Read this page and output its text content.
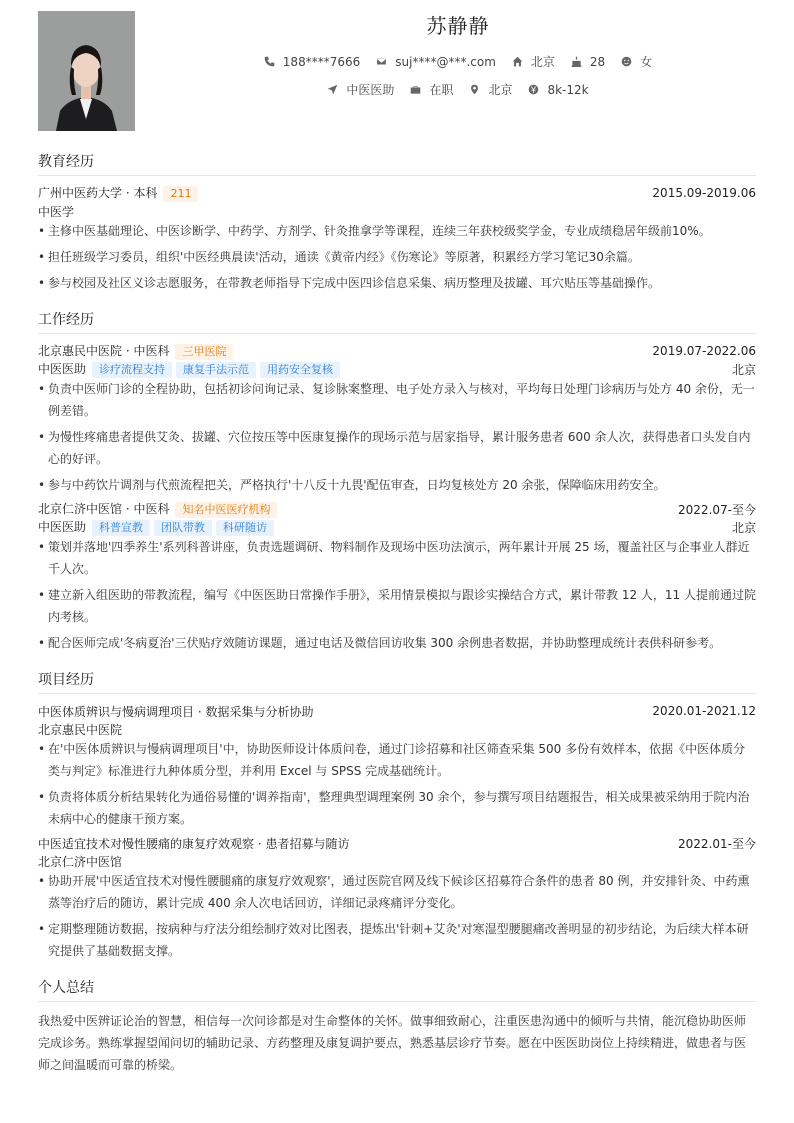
苏静静
188****7666	suj****@***.com	北京	28	女
中医医助	在职	北京	8k-12k
教育经历
广州中医药大学 · 本科 211	2015.09-2019.06
中医学
• 主修中医基础理论、中医诊断学、中药学、方剂学、针灸推拿学等课程，连续三年获校级奖学金，专业成绩稳居年级前10%。
• 担任班级学习委员，组织'中医经典晨读'活动，通读《黄帝内经》《伤寒论》等原著，积累经方学习笔记30余篇。
• 参与校园及社区义诊志愿服务，在带教老师指导下完成中医四诊信息采集、病历整理及拔罐、耳穴贴压等基础操作。
工作经历
北京惠民中医院 · 中医科 三甲医院	2019.07-2022.06
中医医助 诊疗流程支持 康复手法示范 用药安全复核	北京
• 负责中医师门诊的全程协助，包括初诊问询记录、复诊脉案整理、电子处方录入与核对，平均每日处理门诊病历与处方 40 余份，无一例差错。
• 为慢性疼痛患者提供艾灸、拔罐、穴位按压等中医康复操作的现场示范与居家指导，累计服务患者 600 余人次，获得患者口头发自内心的好评。
• 参与中药饮片调剂与代煎流程把关，严格执行'十八反十九畏'配伍审查，日均复核处方 20 余张，保障临床用药安全。
北京仁济中医馆 · 中医科 知名中医医疗机构	2022.07-至今
中医医助 科普宣教 团队带教 科研随访	北京
• 策划并落地'四季养生'系列科普讲座，负责选题调研、物料制作及现场中医功法演示，两年累计开展 25 场，覆盖社区与企事业人群近千人次。
• 建立新入组医助的带教流程，编写《中医医助日常操作手册》，采用情景模拟与跟诊实操结合方式，累计带教 12 人，11 人提前通过院内考核。
• 配合医师完成'冬病夏治'三伏贴疗效随访课题，通过电话及微信回访收集 300 余例患者数据，并协助整理成统计表供科研参考。
项目经历
中医体质辨识与慢病调理项目 · 数据采集与分析协助	2020.01-2021.12
北京惠民中医院
• 在'中医体质辨识与慢病调理项目'中，协助医师设计体质问卷，通过门诊招募和社区筛查采集 500 多份有效样本，依据《中医体质分类与判定》标准进行九种体质分型，并利用 Excel 与 SPSS 完成基础统计。
• 负责将体质分析结果转化为通俗易懂的'调养指南'，整理典型调理案例 30 余个，参与撰写项目结题报告，相关成果被采纳用于院内治未病中心的健康干预方案。
中医适宜技术对慢性腰痛的康复疗效观察 · 患者招募与随访	2022.01-至今
北京仁济中医馆
• 协助开展'中医适宜技术对慢性腰腿痛的康复疗效观察'，通过医院官网及线下候诊区招募符合条件的患者 80 例，并安排针灸、中药熏蒸等治疗后的随访，累计完成 400 余人次电话回访，详细记录疼痛评分变化。
• 定期整理随访数据，按病种与疗法分组绘制疗效对比图表，提炼出'针刺+艾灸'对寒湿型腰腿痛改善明显的初步结论，为后续大样本研究提供了基础数据支撑。
个人总结
我热爱中医辨证论治的智慧，相信每一次问诊都是对生命整体的关怀。做事细致耐心，注重医患沟通中的倾听与共情，能沉稳协助医师完成诊务。熟练掌握望闻问切的辅助记录、方药整理及康复调护要点，熟悉基层诊疗节奏。愿在中医医助岗位上持续精进，做患者与医师之间温暖而可靠的桥梁。
